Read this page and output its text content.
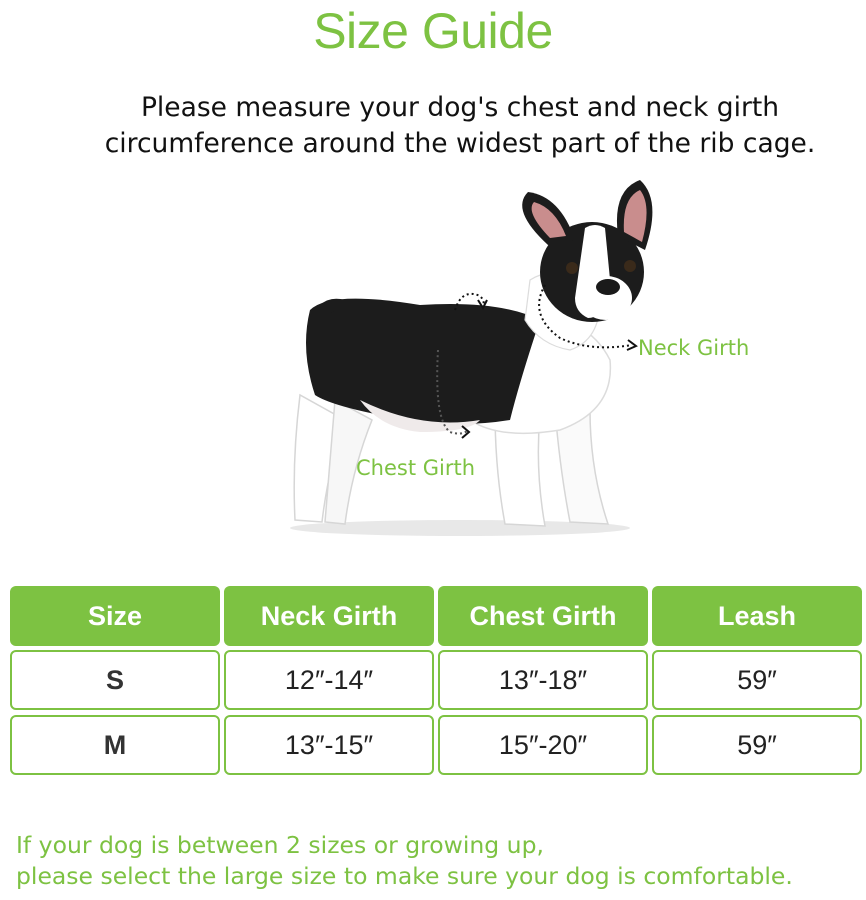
Size Guide
Please measure your dog's chest and neck girth
circumference around the widest part of the rib cage.
Neck Girth
Chest Girth
Size	Neck Girth	Chest Girth	Leash
S	12″-14″	13″-18″	59″
M	13″-15″	15″-20″	59″
If your dog is between 2 sizes or growing up,
please select the large size to make sure your dog is comfortable.
